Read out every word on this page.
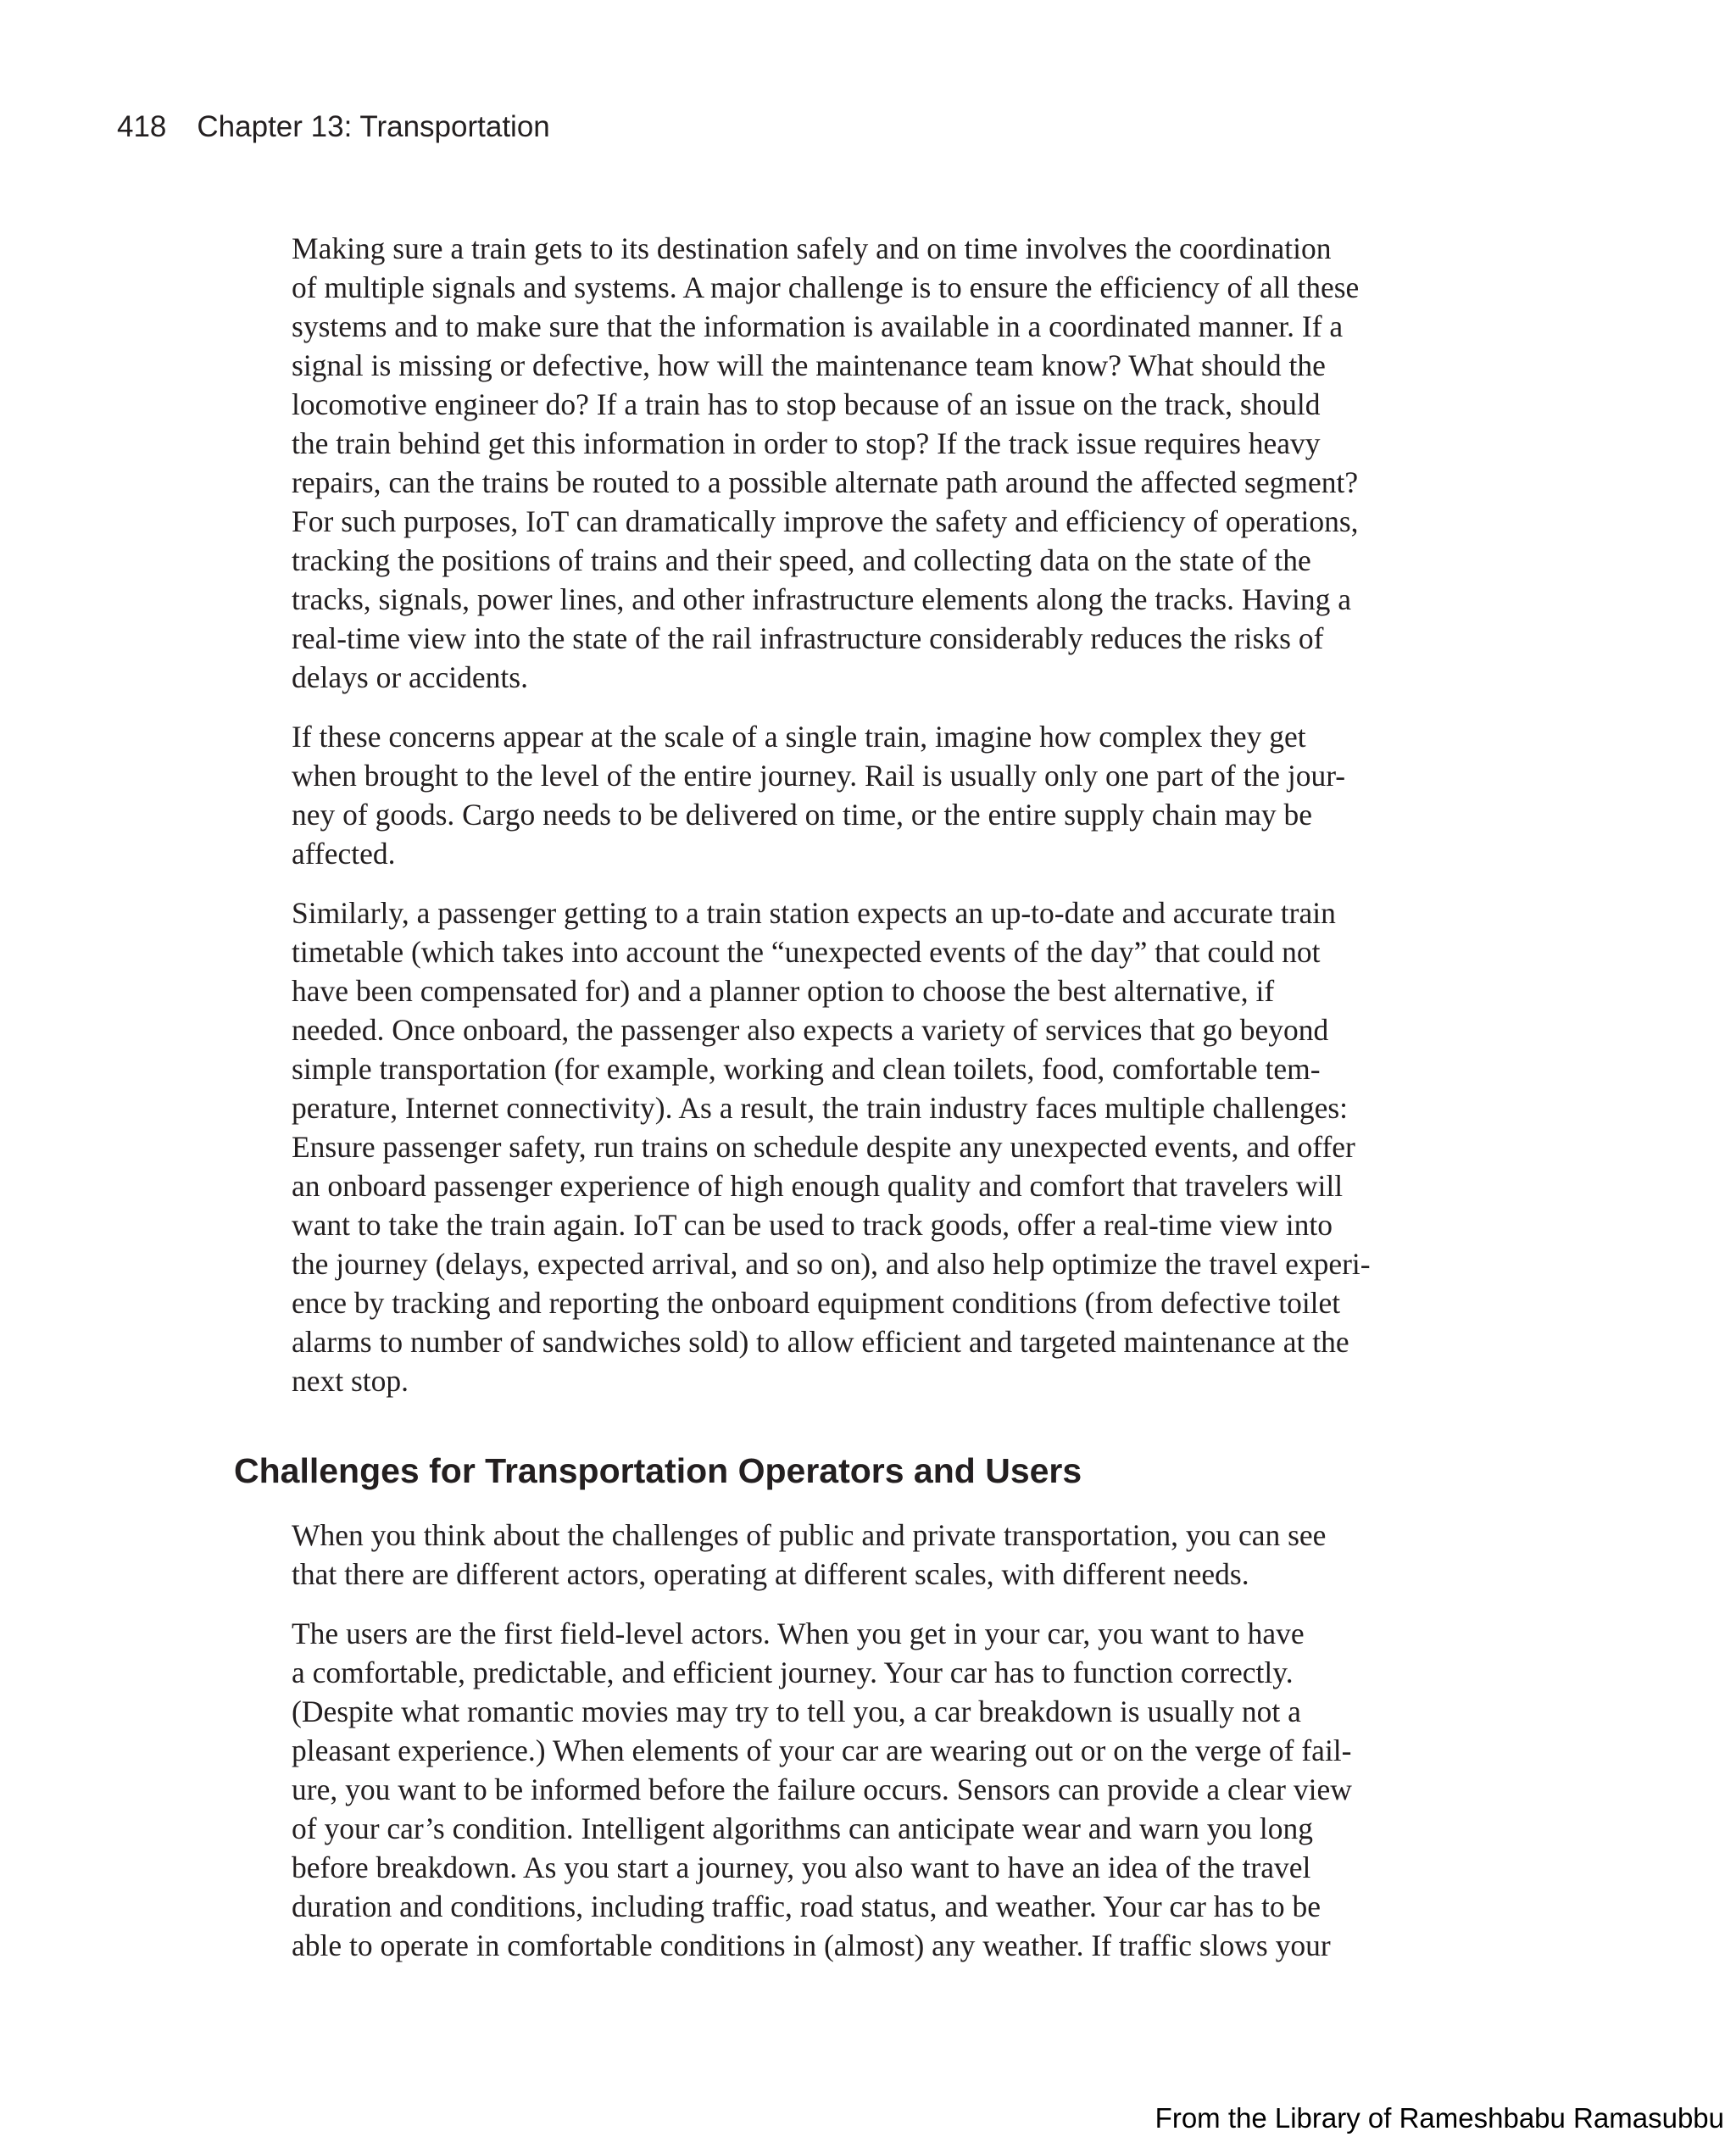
418 Chapter 13: Transportation

Making sure a train gets to its destination safely and on time involves the coordination
of multiple signals and systems. A major challenge is to ensure the efficiency of all these
systems and to make sure that the information is available in a coordinated manner. If a
signal is missing or defective, how will the maintenance team know? What should the
locomotive engineer do? If a train has to stop because of an issue on the track, should
the train behind get this information in order to stop? If the track issue requires heavy
repairs, can the trains be routed to a possible alternate path around the affected segment?
For such purposes, IoT can dramatically improve the safety and efficiency of operations,
tracking the positions of trains and their speed, and collecting data on the state of the
tracks, signals, power lines, and other infrastructure elements along the tracks. Having a
real-time view into the state of the rail infrastructure considerably reduces the risks of
delays or accidents.

If these concerns appear at the scale of a single train, imagine how complex they get
when brought to the level of the entire journey. Rail is usually only one part of the jour-
ney of goods. Cargo needs to be delivered on time, or the entire supply chain may be
affected.

Similarly, a passenger getting to a train station expects an up-to-date and accurate train
timetable (which takes into account the “unexpected events of the day” that could not
have been compensated for) and a planner option to choose the best alternative, if
needed. Once onboard, the passenger also expects a variety of services that go beyond
simple transportation (for example, working and clean toilets, food, comfortable tem-
perature, Internet connectivity). As a result, the train industry faces multiple challenges:
Ensure passenger safety, run trains on schedule despite any unexpected events, and offer
an onboard passenger experience of high enough quality and comfort that travelers will
want to take the train again. IoT can be used to track goods, offer a real-time view into
the journey (delays, expected arrival, and so on), and also help optimize the travel experi-
ence by tracking and reporting the onboard equipment conditions (from defective toilet
alarms to number of sandwiches sold) to allow efficient and targeted maintenance at the
next stop.

Challenges for Transportation Operators and Users

When you think about the challenges of public and private transportation, you can see
that there are different actors, operating at different scales, with different needs.

The users are the first field-level actors. When you get in your car, you want to have
a comfortable, predictable, and efficient journey. Your car has to function correctly.
(Despite what romantic movies may try to tell you, a car breakdown is usually not a
pleasant experience.) When elements of your car are wearing out or on the verge of fail-
ure, you want to be informed before the failure occurs. Sensors can provide a clear view
of your car’s condition. Intelligent algorithms can anticipate wear and warn you long
before breakdown. As you start a journey, you also want to have an idea of the travel
duration and conditions, including traffic, road status, and weather. Your car has to be
able to operate in comfortable conditions in (almost) any weather. If traffic slows your

From the Library of Rameshbabu Ramasubbu
